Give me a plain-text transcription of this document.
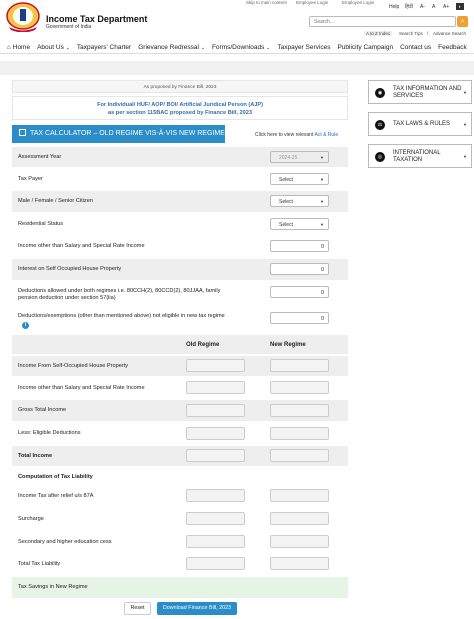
Income Tax Department
Government of India
Skip to main content Employee Login	Employee Login
Help हिंदी A- A A+	◐
Search...
⌕
A to Z Index	Search Tips / Advance Search
⌂ Home About Us ⌄ Taxpayers' Charter Grievance Redressal ⌄ Forms/Downloads ⌄ Taxpayer Services Publicity Campaign Contact us Feedback
As proposed by Finance Bill, 2023
For Individual/ HUF/ AOP/ BOI/ Artificial Juridical Person (AJP)
as per section 115BAC proposed by Finance Bill, 2023
TAX CALCULATOR – OLD REGIME VIS-À-VIS NEW REGIME	Click here to view relevant Act & Rule
Assessment Year	2024-25	▼
Tax Payer	Select	▼
Male / Female / Senior Citizen	Select	▼
Residential Status	Select	▼
Income other than Salary and Special Rate Income	0
Interest on Self Occupied House Property	0
Deductions allowed under both regimes i.e. 80CCH(2), 80CCD(2), 80JJAA, family
pension deduction under section 57(iia)
0
Deductions/exemptions (other than mentioned above) not eligible in new tax regime
i
0
Old Regime	New Regime
Income From Self-Occupied House Property
Income other than Salary and Special Rate Income
Gross Total Income
Less: Eligible Deductions
Total Income
Computation of Tax Liability
Income Tax after relief u/s 87A
Surcharge
Secondary and higher education cess
Total Tax Liability
Tax Savings in New Regime
Reset	Download Finance Bill, 2023
◉
TAX INFORMATION AND SERVICES
▼
⚖	TAX LAWS & RULES	▼
◎
INTERNATIONAL TAXATION
▼
